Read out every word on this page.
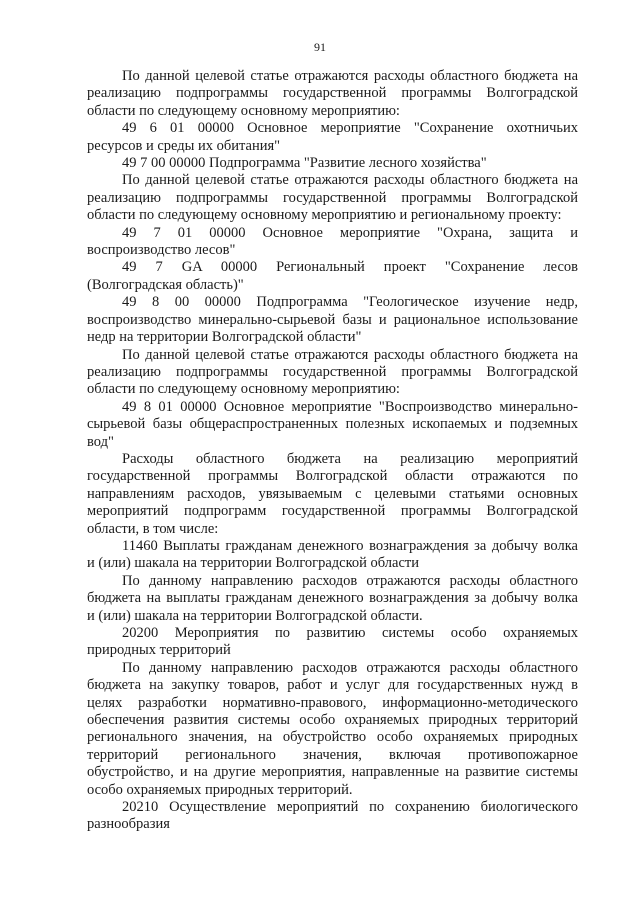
91
По данной целевой статье отражаются расходы областного бюджета на
реализацию подпрограммы государственной программы Волгоградской
области по следующему основному мероприятию:
49 6 01 00000 Основное мероприятие "Сохранение охотничьих
ресурсов и среды их обитания"
49 7 00 00000 Подпрограмма "Развитие лесного хозяйства"
По данной целевой статье отражаются расходы областного бюджета на
реализацию подпрограммы государственной программы Волгоградской
области по следующему основному мероприятию и региональному проекту:
49 7 01 00000 Основное мероприятие "Охрана, защита и
воспроизводство лесов"
49 7 GA 00000 Региональный проект "Сохранение лесов
(Волгоградская область)"
49 8 00 00000 Подпрограмма "Геологическое изучение недр,
воспроизводство минерально-сырьевой базы и рациональное использование
недр на территории Волгоградской области"
По данной целевой статье отражаются расходы областного бюджета на
реализацию подпрограммы государственной программы Волгоградской
области по следующему основному мероприятию:
49 8 01 00000 Основное мероприятие "Воспроизводство минерально-
сырьевой базы общераспространенных полезных ископаемых и подземных
вод"
Расходы областного бюджета на реализацию мероприятий
государственной программы Волгоградской области отражаются по
направлениям расходов, увязываемым с целевыми статьями основных
мероприятий подпрограмм государственной программы Волгоградской
области, в том числе:
11460 Выплаты гражданам денежного вознаграждения за добычу волка
и (или) шакала на территории Волгоградской области
По данному направлению расходов отражаются расходы областного
бюджета на выплаты гражданам денежного вознаграждения за добычу волка
и (или) шакала на территории Волгоградской области.
20200 Мероприятия по развитию системы особо охраняемых
природных территорий
По данному направлению расходов отражаются расходы областного
бюджета на закупку товаров, работ и услуг для государственных нужд в
целях разработки нормативно-правового, информационно-методического
обеспечения развития системы особо охраняемых природных территорий
регионального значения, на обустройство особо охраняемых природных
территорий регионального значения, включая противопожарное
обустройство, и на другие мероприятия, направленные на развитие системы
особо охраняемых природных территорий.
20210 Осуществление мероприятий по сохранению биологического
разнообразия
